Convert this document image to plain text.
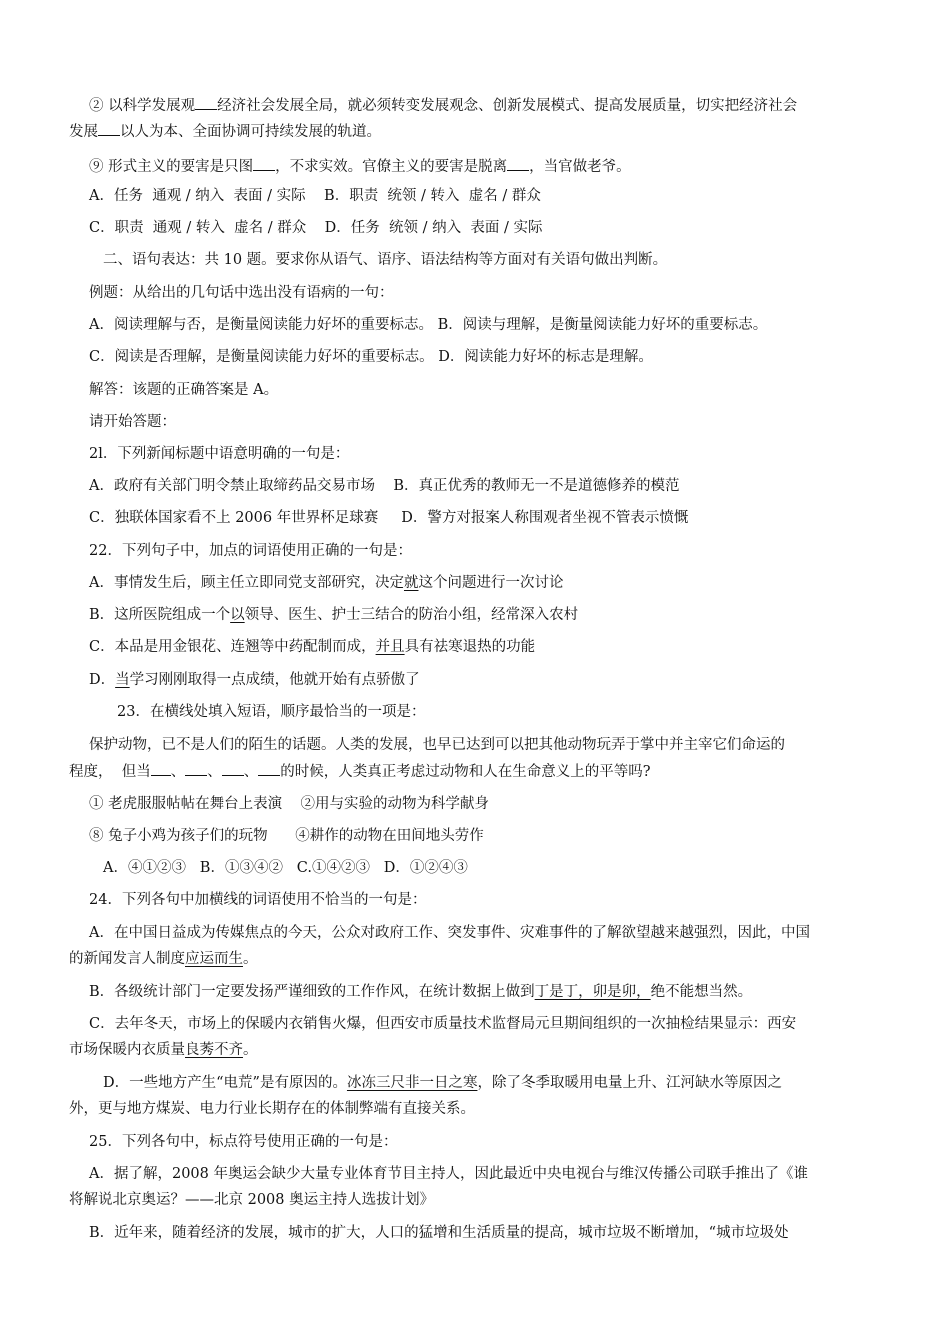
② 以科学发展观 经济社会发展全局，就必须转变发展观念、创新发展模式、提高发展质量，切实把经济社会
发展 以人为本、全面协调可持续发展的轨道。
⑨ 形式主义的要害是只图 ，不求实效。官僚主义的要害是脱离 ，当官做老爷。
A．任务  通观 / 纳入  表面 / 实际    B．职责  统领 / 转入  虚名 / 群众
C．职责  通观 / 转入  虚名 / 群众    D．任务  统领 / 纳入  表面 / 实际
二、语句表达：共 10 题。要求你从语气、语序、语法结构等方面对有关语句做出判断。
例题：从给出的几句话中选出没有语病的一句：
A．阅读理解与否，是衡量阅读能力好坏的重要标志。 B．阅读与理解，是衡量阅读能力好坏的重要标志。
C．阅读是否理解，是衡量阅读能力好坏的重要标志。 D．阅读能力好坏的标志是理解。
解答：该题的正确答案是 A。
请开始答题：
2l．下列新闻标题中语意明确的一句是：
A．政府有关部门明令禁止取缔药品交易市场    B．真正优秀的教师无一不是道德修养的模范
C．独联体国家看不上 2006 年世界杯足球赛     D．警方对报案人称围观者坐视不管表示愤慨
22．下列句子中，加点的词语使用正确的一句是：
A．事情发生后，顾主任立即同党支部研究，决定就这个问题进行一次讨论
B．这所医院组成一个以领导、医生、护士三结合的防治小组，经常深入农村
C．本品是用金银花、连翘等中药配制而成，并且具有祛寒退热的功能
D．当学习刚刚取得一点成绩，他就开始有点骄傲了
23．在横线处填入短语，顺序最恰当的一项是：
保护动物，已不是人们的陌生的话题。人类的发展，也早已达到可以把其他动物玩弄于掌中并主宰它们命运的
程度，  但当 、 、 、 的时候，人类真正考虑过动物和人在生命意义上的平等吗?
① 老虎服服帖帖在舞台上表演    ②用与实验的动物为科学献身
⑧ 兔子小鸡为孩子们的玩物      ④耕作的动物在田间地头劳作
A．④①②③   B．①③④②   C.①④②③   D．①②④③
24．下列各句中加横线的词语使用不恰当的一句是：
A．在中国日益成为传媒焦点的今天，公众对政府工作、突发事件、灾难事件的了解欲望越来越强烈，因此，中国
的新闻发言人制度应运而生。
B．各级统计部门一定要发扬严谨细致的工作作风，在统计数据上做到丁是丁，卯是卯，绝不能想当然。
C．去年冬天，市场上的保暖内衣销售火爆，但西安市质量技术监督局元旦期间组织的一次抽检结果显示：西安
市场保暖内衣质量良莠不齐。
D．一些地方产生“电荒”是有原因的。冰冻三尺非一日之寒，除了冬季取暖用电量上升、江河缺水等原因之
外，更与地方煤炭、电力行业长期存在的体制弊端有直接关系。
25．下列各句中，标点符号使用正确的一句是：
A．据了解，2008 年奥运会缺少大量专业体育节目主持人，因此最近中央电视台与维汉传播公司联手推出了《谁
将解说北京奥运？——北京 2008 奥运主持人选拔计划》
B．近年来，随着经济的发展，城市的扩大，人口的猛增和生活质量的提高，城市垃圾不断增加，“城市垃圾处
